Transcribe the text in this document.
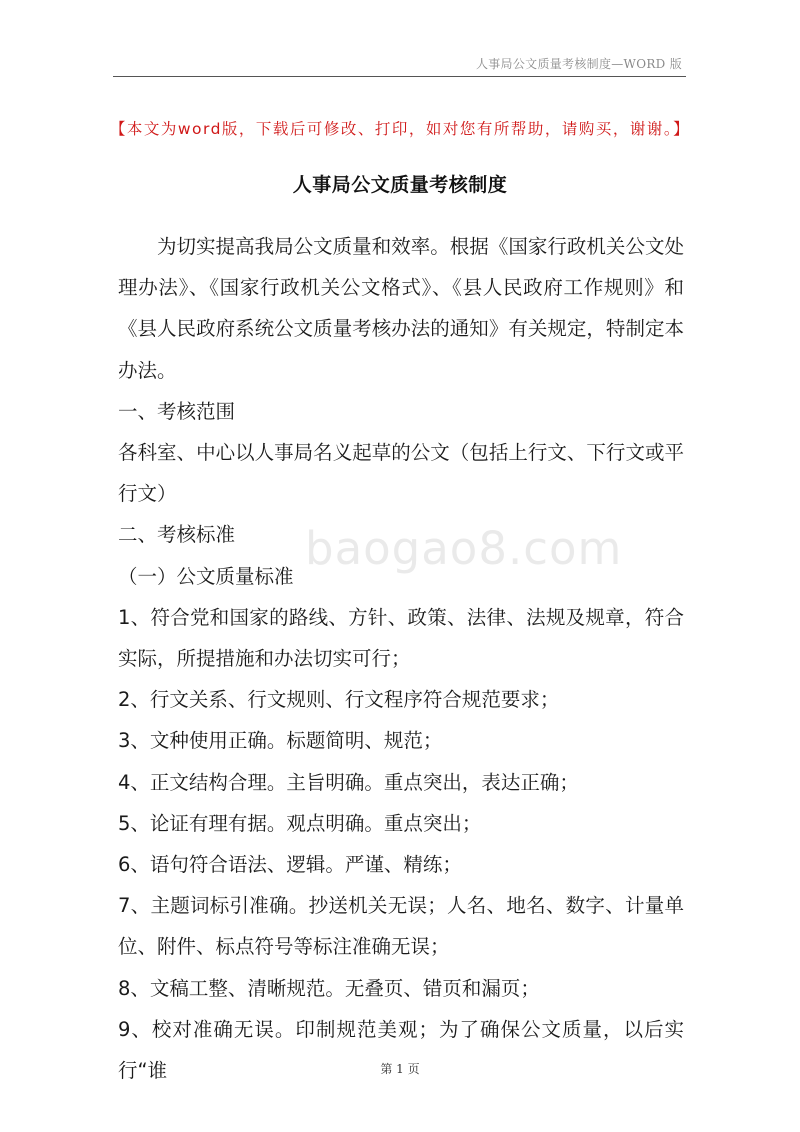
人事局公文质量考核制度—WORD 版
【本文为word版，下载后可修改、打印，如对您有所帮助，请购买，谢谢。】
人事局公文质量考核制度

为切实提高我局公文质量和效率。根据《国家行政机关公文处理办法》、《国家行政机关公文格式》、《县人民政府工作规则》和《县人民政府系统公文质量考核办法的通知》有关规定，特制定本办法。

一、考核范围

各科室、中心以人事局名义起草的公文（包括上行文、下行文或平行文）

二、考核标准

（一）公文质量标准

1、符合党和国家的路线、方针、政策、法律、法规及规章，符合实际，所提措施和办法切实可行；

2、行文关系、行文规则、行文程序符合规范要求；

3、文种使用正确。标题简明、规范；

4、正文结构合理。主旨明确。重点突出，表达正确；

5、论证有理有据。观点明确。重点突出；

6、语句符合语法、逻辑。严谨、精练；

7、主题词标引准确。抄送机关无误；人名、地名、数字、计量单位、附件、标点符号等标注准确无误；

8、文稿工整、清晰规范。无叠页、错页和漏页；

9、校对准确无误。印制规范美观；为了确保公文质量，以后实行“谁

baogao8.com
第 1 页
